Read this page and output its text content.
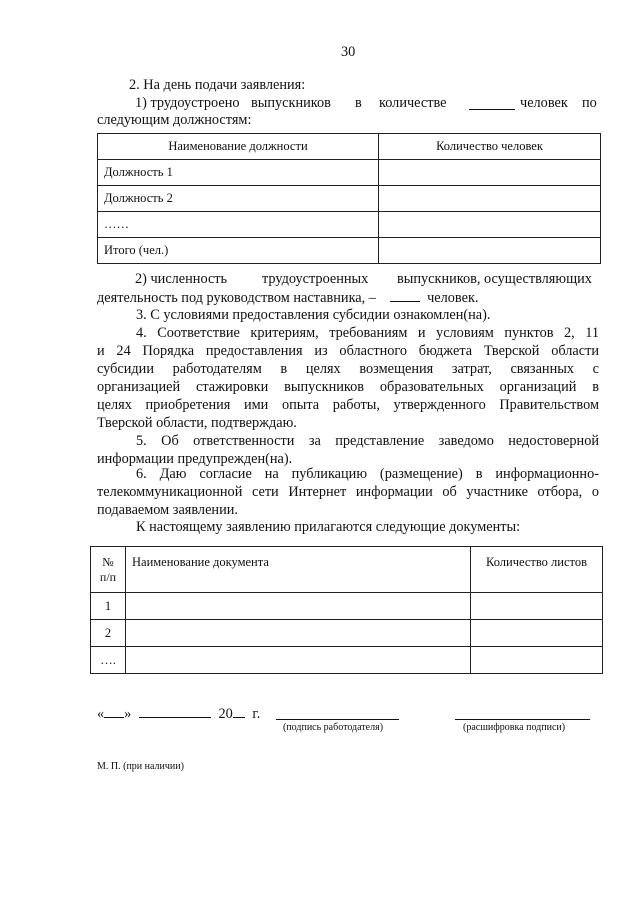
30
2. На день подачи заявления:
1) трудоустроено выпускников в количестве	человек по
следующим должностям:
Наименование должности	Количество человек
Должность 1	
Должность 2	
……	
Итого (чел.)	
2) численность трудоустроенных выпускников, осуществляющих
деятельность под руководством наставника, –	человек.
3. С условиями предоставления субсидии ознакомлен(на).
4. Соответствие критериям, требованиям и условиям пунктов 2, 11
и 24 Порядка предоставления из областного бюджета Тверской области
субсидии работодателям в целях возмещения затрат, связанных с
организацией стажировки выпускников образовательных организаций в
целях приобретения ими опыта работы, утвержденного Правительством
Тверской области, подтверждаю.
5. Об ответственности за представление заведомо недостоверной
информации предупрежден(на).
6. Даю согласие на публикацию (размещение) в информационно-
телекоммуникационной сети Интернет информации об участнике отбора, о
подаваемом заявлении.
К настоящему заявлению прилагаются следующие документы:
№
п/п	Наименование документа	Количество листов
1		
2		
….		
« »	20 г.
(подпись работодателя)	(расшифровка подписи)
М. П. (при наличии)
